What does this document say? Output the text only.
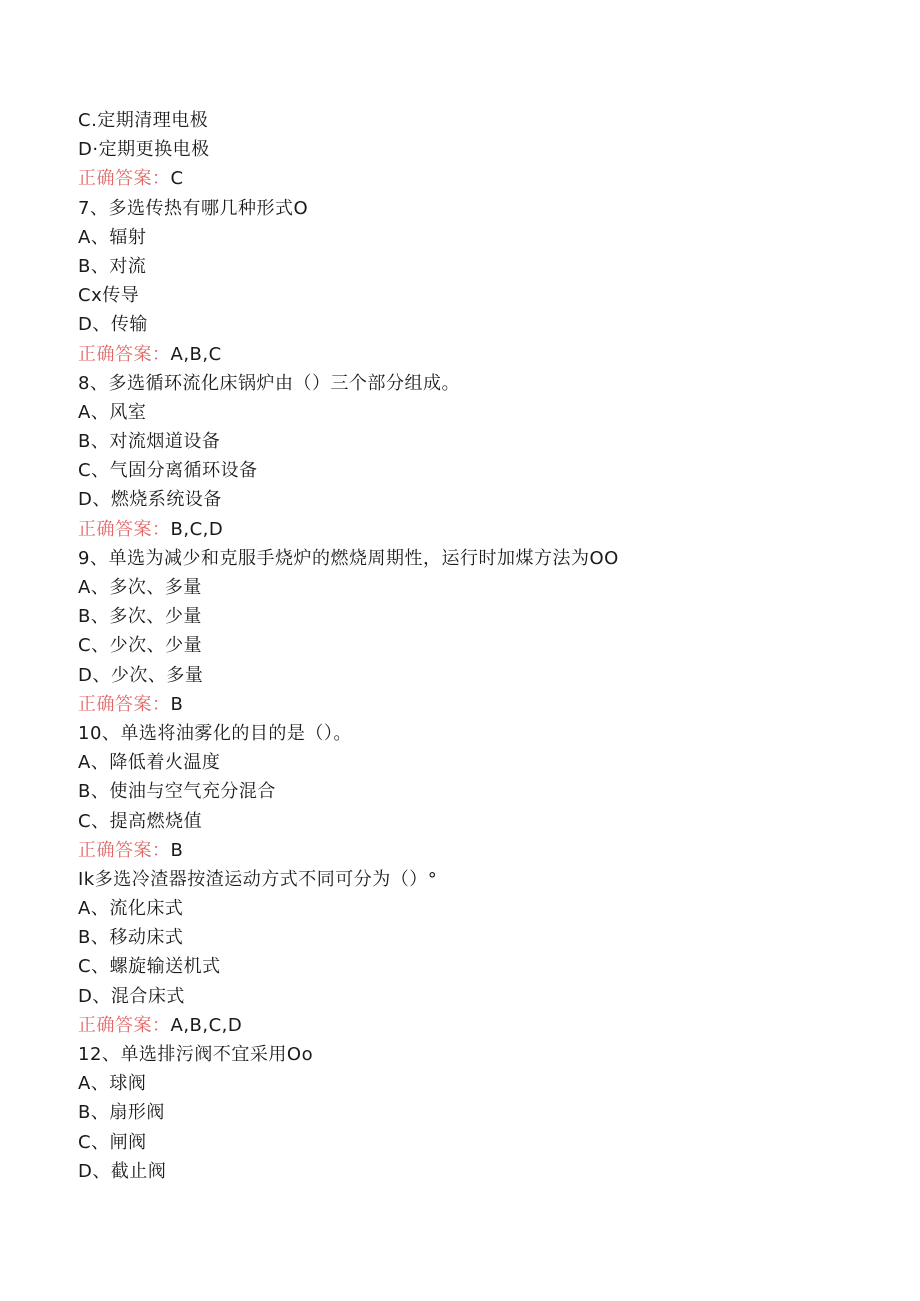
C.定期清理电极
D·定期更换电极
正确答案：C
7、多选传热有哪几种形式O
A、辐射
B、对流
Cx传导
D、传输
正确答案：A,B,C
8、多选循环流化床锅炉由（）三个部分组成。
A、风室
B、对流烟道设备
C、气固分离循环设备
D、燃烧系统设备
正确答案：B,C,D
9、单选为减少和克服手烧炉的燃烧周期性，运行时加煤方法为OO
A、多次、多量
B、多次、少量
C、少次、少量
D、少次、多量
正确答案：B
10、单选将油雾化的目的是（）。
A、降低着火温度
B、使油与空气充分混合
C、提高燃烧值
正确答案：B
Ik多选冷渣器按渣运动方式不同可分为（）°
A、流化床式
B、移动床式
C、螺旋输送机式
D、混合床式
正确答案：A,B,C,D
12、单选排污阀不宜采用Oo
A、球阀
B、扇形阀
C、闸阀
D、截止阀
